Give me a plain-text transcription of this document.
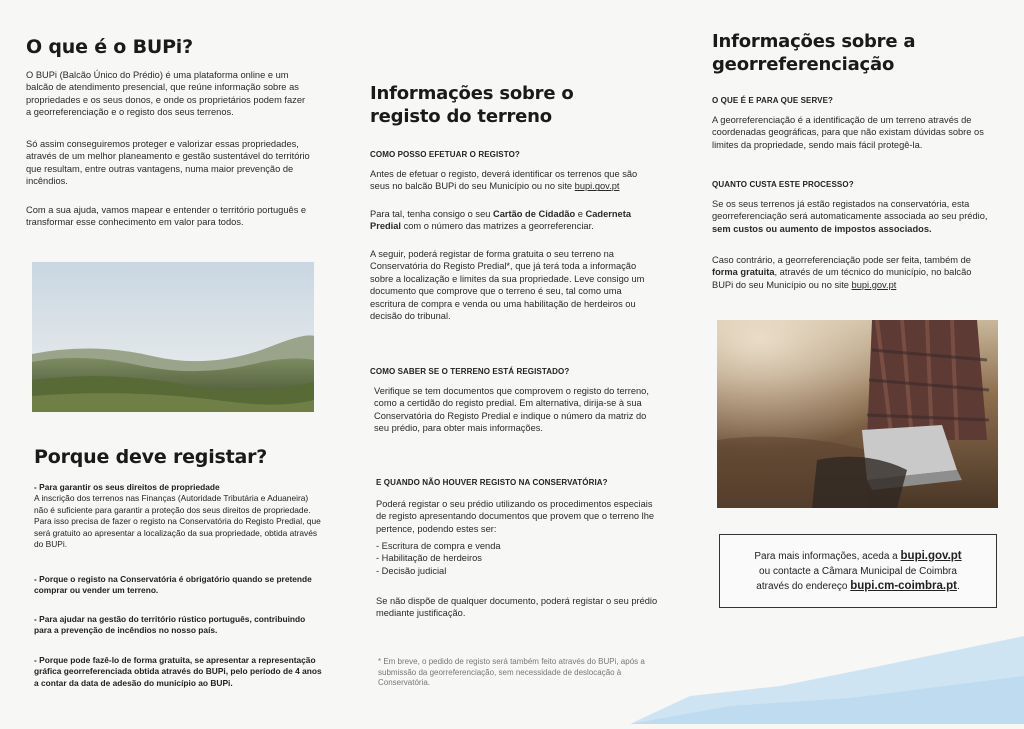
O que é o BUPi?

O BUPi (Balcão Único do Prédio) é uma plataforma online e um balcão de atendimento presencial, que reúne informação sobre as propriedades e os seus donos, e onde os proprietários podem fazer a georreferenciação e o registo dos seus terrenos.

Só assim conseguiremos proteger e valorizar essas propriedades, através de um melhor planeamento e gestão sustentável do território que resultam, entre outras vantagens, numa maior prevenção de incêndios.

Com a sua ajuda, vamos mapear e entender o território português e transformar esse conhecimento em valor para todos.

Porque deve registar?
- Para garantir os seus direitos de propriedade
A inscrição dos terrenos nas Finanças (Autoridade Tributária e Aduaneira) não é suficiente para garantir a proteção dos seus direitos de propriedade. Para isso precisa de fazer o registo na Conservatória do Registo Predial, que será gratuito ao apresentar a localização da sua propriedade, obtida através do BUPi.
- Porque o registo na Conservatória é obrigatório quando se pretende comprar ou vender um terreno.
- Para ajudar na gestão do território rústico português, contribuindo para a prevenção de incêndios no nosso país.
- Porque pode fazê-lo de forma gratuita, se apresentar a representação gráfica georreferenciada obtida através do BUPi, pelo período de 4 anos a contar da data de adesão do município ao BUPi.
Informações sobre o registo do terreno
COMO POSSO EFETUAR O REGISTO?

Antes de efetuar o registo, deverá identificar os terrenos que são seus no balcão BUPi do seu Município ou no site bupi.gov.pt

Para tal, tenha consigo o seu Cartão de Cidadão e Caderneta Predial com o número das matrizes a georreferenciar.

A seguir, poderá registar de forma gratuita o seu terreno na Conservatória do Registo Predial*, que já terá toda a informação sobre a localização e limites da sua propriedade. Leve consigo um documento que comprove que o terreno é seu, tal como uma escritura de compra e venda ou uma habilitação de herdeiros ou decisão do tribunal.

COMO SABER SE O TERRENO ESTÁ REGISTADO?

Verifique se tem documentos que comprovem o registo do terreno, como a certidão do registo predial. Em alternativa, dirija-se à sua Conservatória do Registo Predial e indique o número da matriz do seu prédio, para obter mais informações.

E QUANDO NÃO HOUVER REGISTO NA CONSERVATÓRIA?

Poderá registar o seu prédio utilizando os procedimentos especiais de registo apresentando documentos que provem que o terreno lhe pertence, podendo estes ser:

- Escritura de compra e venda

- Habilitação de herdeiros

- Decisão judicial

Se não dispõe de qualquer documento, poderá registar o seu prédio mediante justificação.

* Em breve, o pedido de registo será também feito através do BUPi, após a submissão da georreferenciação, sem necessidade de deslocação à Conservatória.

Informações sobre a georreferenciação
O QUE É E PARA QUE SERVE?

A georreferenciação é a identificação de um terreno através de coordenadas geográficas, para que não existam dúvidas sobre os limites da propriedade, sendo mais fácil protegê-la.

QUANTO CUSTA ESTE PROCESSO?

Se os seus terrenos já estão registados na conservatória, esta georreferenciação será automaticamente associada ao seu prédio, sem custos ou aumento de impostos associados.

Caso contrário, a georreferenciação pode ser feita, também de forma gratuita, através de um técnico do município, no balcão BUPi do seu Município ou no site bupi.gov.pt

Para mais informações, aceda a bupi.gov.pt
ou contacte a Câmara Municipal de Coimbra
através do endereço bupi.cm-coimbra.pt.
